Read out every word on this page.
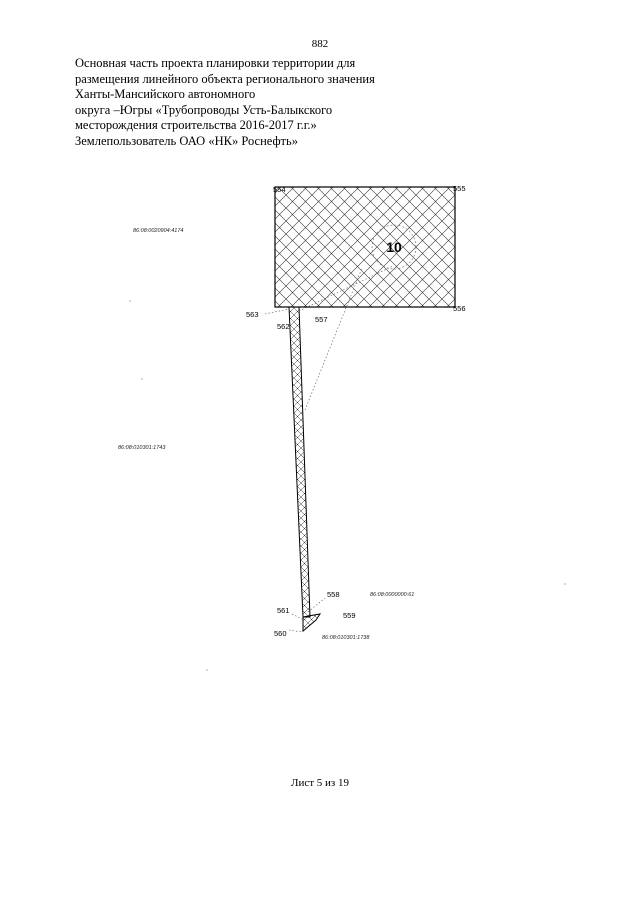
882
Основная часть проекта планировки территории для
размещения линейного объекта регионального значения
Ханты-Мансийского автономного
округа –Югры «Трубопроводы Усть-Балыкского
месторождения строительства 2016-2017 г.г.»
Землепользователь ОАО «НК» Роснефть»
10
554	555
556
557
558
559
560
561
562
563
86:08:0020904:4174
86:08:010301:1743
86:08:0000000:61
86:08:010301:1738
Лист 5 из 19
